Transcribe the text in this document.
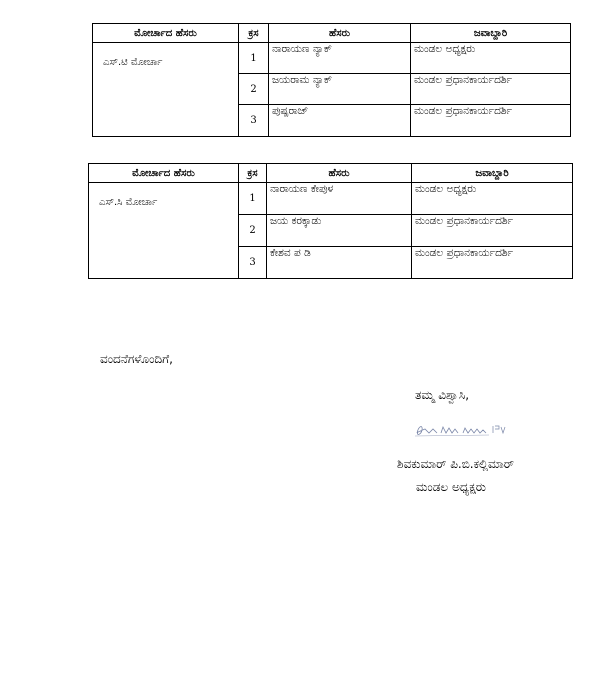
ಮೋರ್ಚಾದ ಹೆಸರು	ಕ್ರಸ	ಹೆಸರು	ಜವಾಬ್ದಾರಿ
ಎಸ್.ಟಿ ಮೋರ್ಚಾ	1	ನಾರಾಯಣ ನ್ಯಾಕ್	ಮಂಡಲ ಅಧ್ಯಕ್ಷರು
	2	ಜಯರಾಮ ನ್ಯಾಕ್	ಮಂಡಲ ಪ್ರಧಾನಕಾರ್ಯದರ್ಶಿ
	3	ಪುಷ್ಪರಾಜ್	ಮಂಡಲ ಪ್ರಧಾನಕಾರ್ಯದರ್ಶಿ
ಮೋರ್ಚಾದ ಹೆಸರು	ಕ್ರಸ	ಹೆಸರು	ಜವಾಬ್ದಾರಿ
ಎಸ್.ಸಿ ಮೋರ್ಚಾ	1	ನಾರಾಯಣ ಕೇಪುಳ	ಮಂಡಲ ಅಧ್ಯಕ್ಷರು
	2	ಜಯ ಕರಕ್ಕಾಡು	ಮಂಡಲ ಪ್ರಧಾನಕಾರ್ಯದರ್ಶಿ
	3	ಕೇಶವ ಪ ಡಿ	ಮಂಡಲ ಪ್ರಧಾನಕಾರ್ಯದರ್ಶಿ
ವಂದನೆಗಳೊಂದಿಗೆ,
ತಮ್ಮ ವಿಶ್ವಾಸಿ,
ಶಿವಕುಮಾರ್ ಪಿ.ಬಿ.ಕಲ್ಲಿಮಾರ್
ಮಂಡಲ ಅಧ್ಯಕ್ಷರು
